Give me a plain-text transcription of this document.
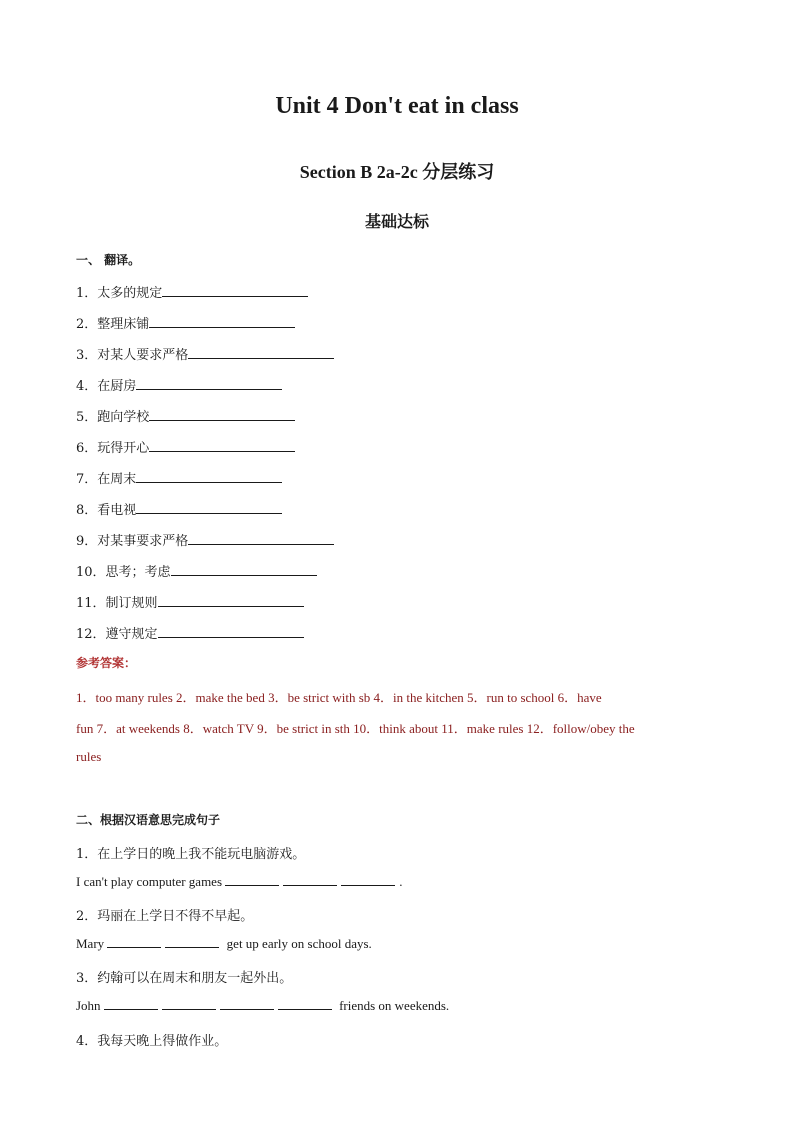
Unit 4 Don't eat in class
Section B 2a-2c 分层练习
基础达标
一、 翻译。
1．太多的规定
2．整理床铺
3．对某人要求严格
4．在厨房
5．跑向学校
6．玩得开心
7．在周末
8．看电视
9．对某事要求严格
10．思考；考虑
11．制订规则
12．遵守规定
参考答案：
1．too many rules 2．make the bed 3．be strict with sb 4．in the kitchen 5．run to school 6．have
fun 7．at weekends 8．watch TV 9．be strict in sth 10．think about 11．make rules 12．follow/obey the
rules
二、根据汉语意思完成句子
1．在上学日的晚上我不能玩电脑游戏。
I can't play computer games	.
2．玛丽在上学日不得不早起。
Mary	get up early on school days.
3．约翰可以在周末和朋友一起外出。
John	friends on weekends.
4．我每天晚上得做作业。
